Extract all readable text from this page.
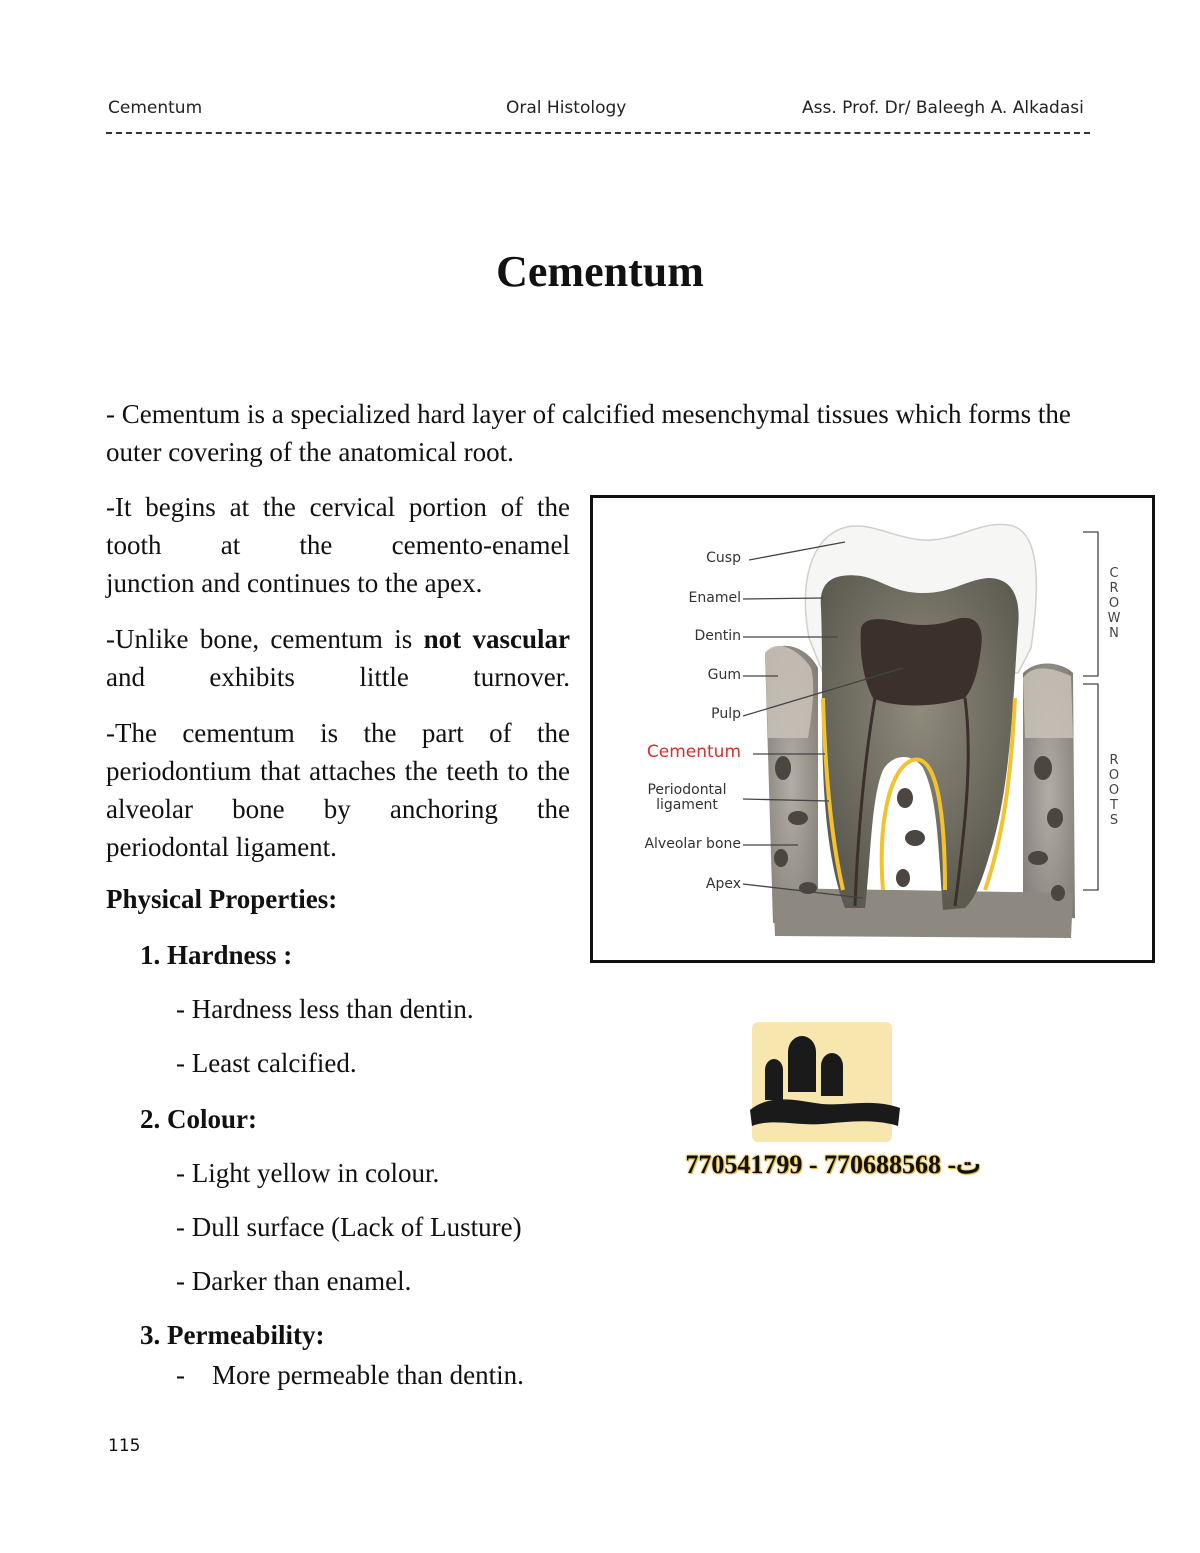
Cementum	Oral Histology	Ass. Prof. Dr/ Baleegh A. Alkadasi
Cementum
- Cementum is a specialized hard layer of calcified mesenchymal tissues which forms the outer covering of the anatomical root.
-It begins at the cervical portion of the tooth at the cemento-enamel
junction and continues to the apex.
-Unlike bone, cementum is not vascular and exhibits little turnover.
-The cementum is the part of the periodontium that attaches the teeth to the alveolar bone by anchoring the
periodontal ligament.
Physical Properties:
1. Hardness :
- Hardness less than dentin.
- Least calcified.
2. Colour:
- Light yellow in colour.
- Dull surface (Lack of Lusture)
- Darker than enamel.
3. Permeability:
- More permeable than dentin.
Cusp
Enamel
Dentin
Gum
Pulp
Cementum
Periodontal ligament
Alveolar bone
Apex
C
R
O
W
N
R
O
O
T
S
770541799 - 770688568 -ت
115
